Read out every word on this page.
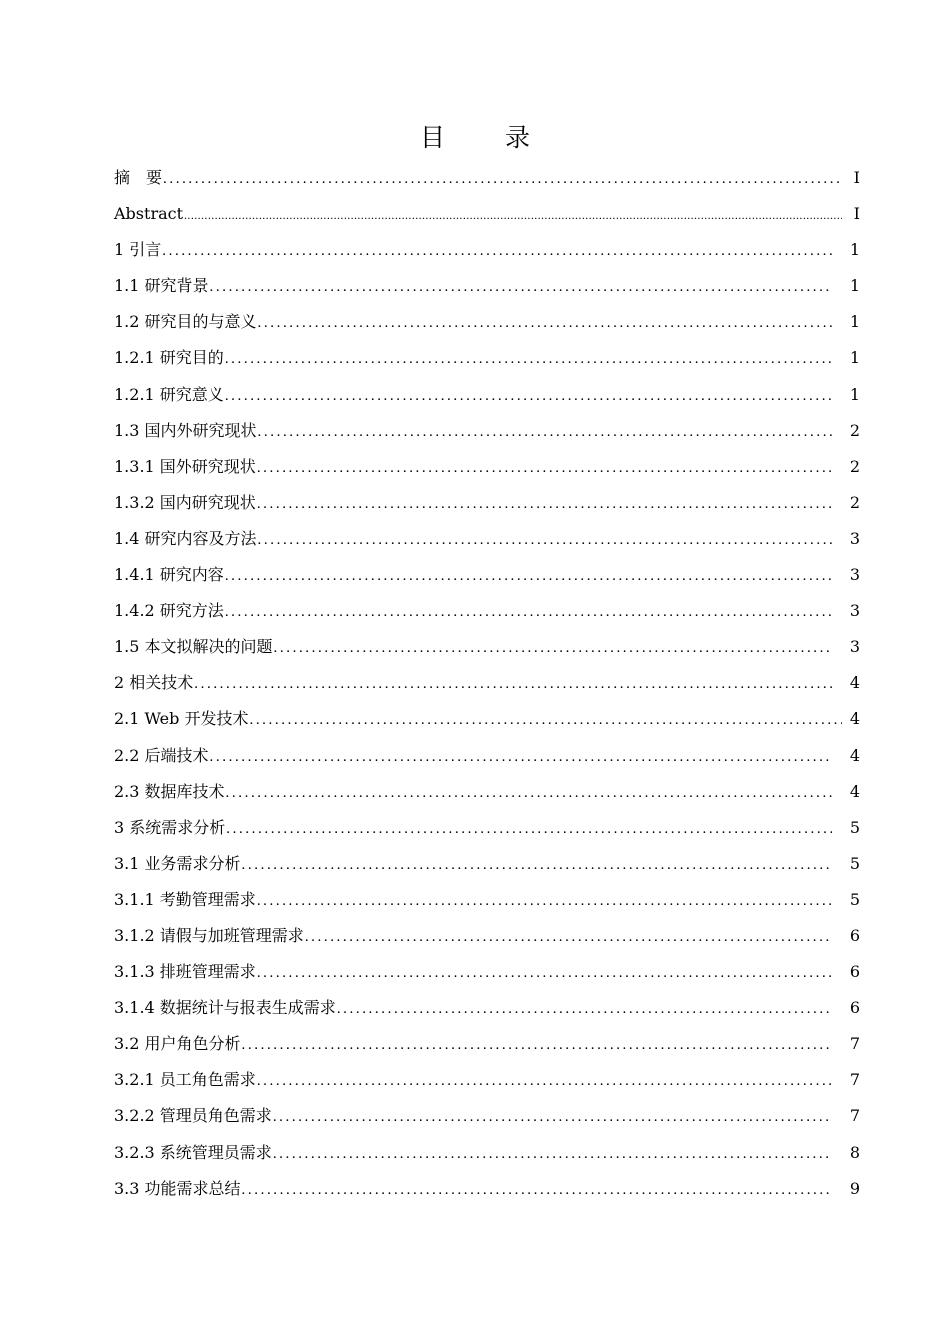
目 录
摘　要 .....	I
Abstract .....	I
1 引言 .....	1
1.1 研究背景 .....	1
1.2 研究目的与意义 .....	1
1.2.1 研究目的 .....	1
1.2.1 研究意义 .....	1
1.3 国内外研究现状 .....	2
1.3.1 国外研究现状 .....	2
1.3.2 国内研究现状 .....	2
1.4 研究内容及方法 .....	3
1.4.1 研究内容 .....	3
1.4.2 研究方法 .....	3
1.5 本文拟解决的问题 .....	3
2 相关技术 .....	4
2.1 Web 开发技术 .....	4
2.2 后端技术 .....	4
2.3 数据库技术 .....	4
3 系统需求分析 .....	5
3.1 业务需求分析 .....	5
3.1.1 考勤管理需求 .....	5
3.1.2 请假与加班管理需求 .....	6
3.1.3 排班管理需求 .....	6
3.1.4 数据统计与报表生成需求 .....	6
3.2 用户角色分析 .....	7
3.2.1 员工角色需求 .....	7
3.2.2 管理员角色需求 .....	7
3.2.3 系统管理员需求 .....	8
3.3 功能需求总结 .....	9
